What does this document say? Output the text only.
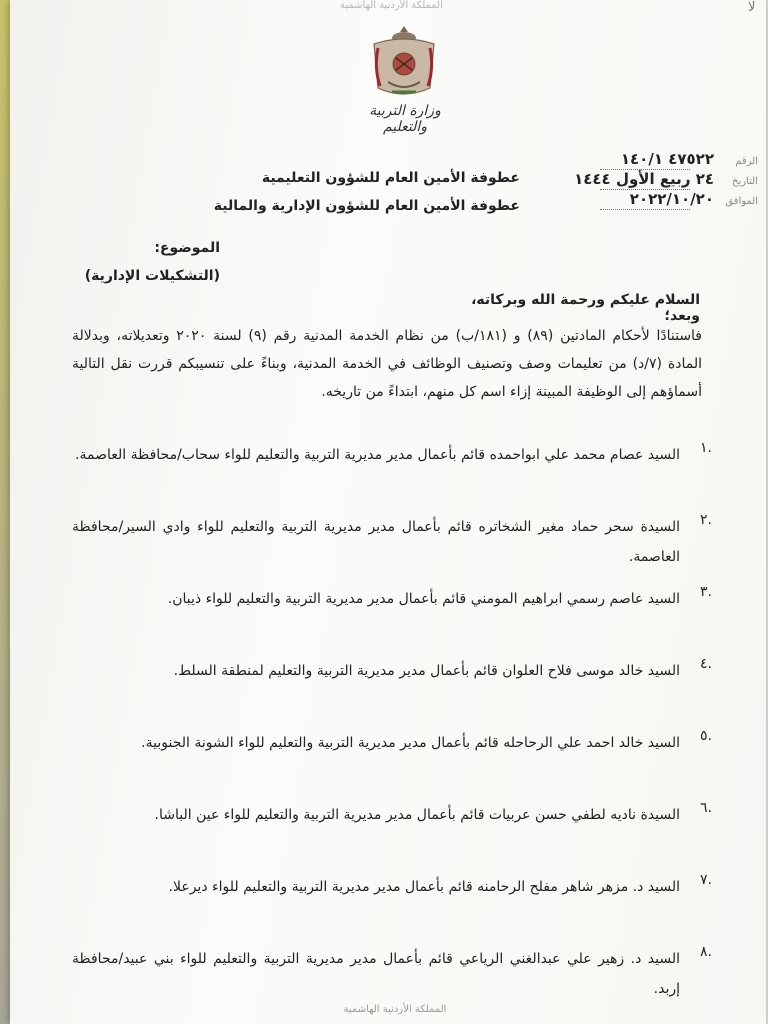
المملكة الأردنية الهاشمية	ﻻ
وزارة التربية والتعليم
الرقم
٤٧٥٢٢ ١٤٠/١
التاريخ
٢٤ ربيع الأول ١٤٤٤
الموافق
٢٠٢٢/١٠/٢٠
عطوفة الأمين العام للشؤون التعليمية
عطوفة الأمين العام للشؤون الإدارية والمالية
الموضوع:
(التشكيلات الإدارية)
السلام عليكم ورحمة الله وبركاته، وبعد؛
فاستنادًا لأحكام المادتين (٨٩) و (١٨١/ب) من نظام الخدمة المدنية رقم (٩) لسنة ٢٠٢٠ وتعديلاته، وبدلالة المادة (٧/د) من تعليمات وصف وتصنيف الوظائف في الخدمة المدنية، وبناءً على تنسيبكم قررت نقل التالية أسماؤهم إلى الوظيفة المبينة إزاء اسم كل منهم، ابتداءً من تاريخه.
.١
السيد عصام محمد علي ابواحمده قائم بأعمال مدير مديرية التربية والتعليم للواء سحاب/محافظة العاصمة.
.٢
السيدة سحر حماد مغير الشخاتره قائم بأعمال مدير مديرية التربية والتعليم للواء وادي السير/محافظة العاصمة.
.٣
السيد عاصم رسمي ابراهيم المومني قائم بأعمال مدير مديرية التربية والتعليم للواء ذيبان.
.٤
السيد خالد موسى فلاح العلوان قائم بأعمال مدير مديرية التربية والتعليم لمنطقة السلط.
.٥
السيد خالد احمد علي الرحاحله قائم بأعمال مدير مديرية التربية والتعليم للواء الشونة الجنوبية.
.٦
السيدة ناديه لطفي حسن عربيات قائم بأعمال مدير مديرية التربية والتعليم للواء عين الباشا.
.٧
السيد د. مزهر شاهر مفلح الرحامنه قائم بأعمال مدير مديرية التربية والتعليم للواء ديرعلا.
.٨
السيد د. زهير علي عبدالغني الرياعي قائم بأعمال مدير مديرية التربية والتعليم للواء بني عبيد/محافظة إربد.
المملكة الأردنية الهاشمية
